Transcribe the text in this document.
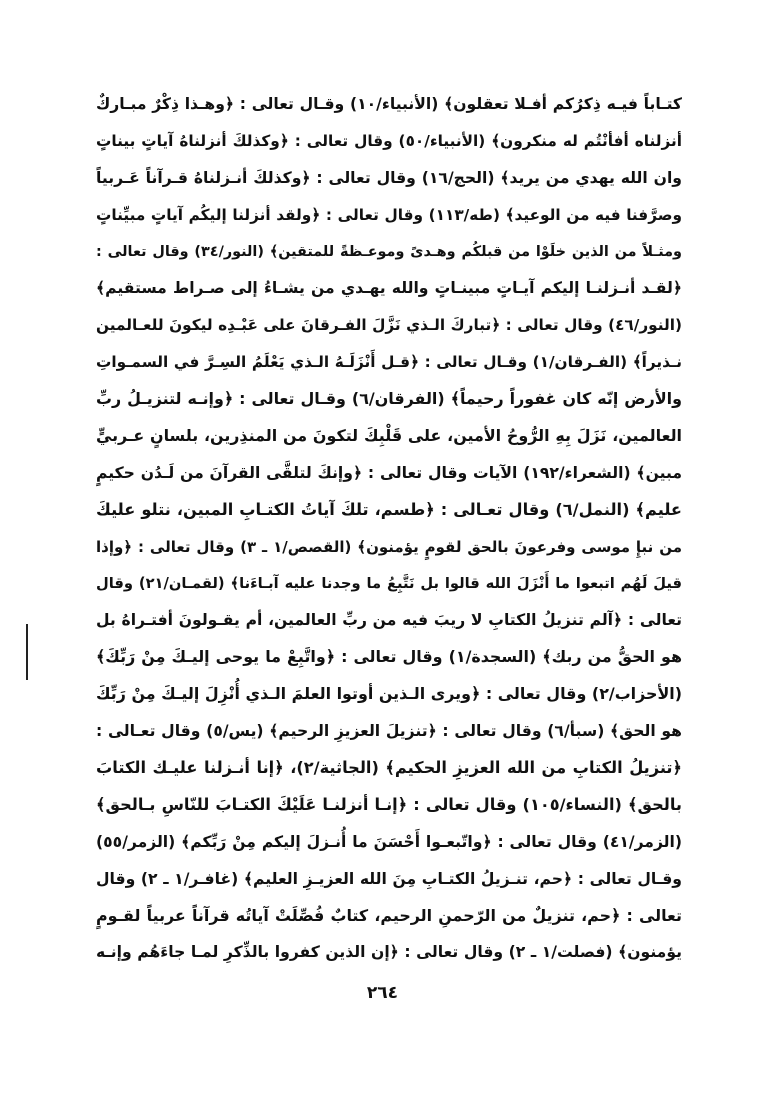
كتـاباً فيـه ذِكرُكم أفـلا تعقلون﴾ (الأنبياء/١٠) وقـال تعالى : ﴿وهـذا ذِكْرٌ مبـاركٌ
أنزلناه أفأنْتُم له منكرون﴾ (الأنبياء/٥٠) وقال تعالى : ﴿وكذلكَ أنزلناهُ آياتٍ بيناتٍ
وان الله يهدي من يريد﴾ (الحج/١٦) وقال تعالى : ﴿وكذلكَ أنـزلناهُ قـرآناً عَـربياً
وصرَّفنا فيه من الوعيد﴾ (طه/١١٣) وقال تعالى : ﴿ولقد أنزلنا إليكُم آياتٍ مبيِّناتٍ
ومثـلاً من الذين خلَوْا من قبلكُم وهـدىً وموعـظةً للمتقين﴾ (النور/٣٤) وقال تعالى :
﴿لقـد أنـزلنـا إليكم آيـاتٍ مبينـاتٍ والله يهـدي من يشـاءُ إلى صـراط مستقيم﴾
(النور/٤٦) وقال تعالى : ﴿تباركَ الـذي نَزَّلَ الفـرقانَ على عَبْـدِه ليكونَ للعـالمين
نـذيراً﴾ (الفـرقان/١) وقـال تعالى : ﴿قـل أَنْزَلَـهُ الـذي يَعْلَمُ السِـرَّ في السمـواتِ
والأرض إنّه كان غفوراً رحيماً﴾ (الفرقان/٦) وقـال تعالى : ﴿وإنـه لتنزيـلُ ربِّ
العالمين، نَزَلَ بِهِ الرُّوحُ الأمين، على قَلْبِكَ لتكونَ من المنذِرين، بلسانٍ عـربيٍّ
مبين﴾ (الشعراء/١٩٢) الآيات وقال تعالى : ﴿وإنكَ لتلقَّى القرآنَ من لَـدُن حكيمٍ
عليم﴾ (النمل/٦) وقال تعـالى : ﴿طسم، تلكَ آياتُ الكتـابِ المبين، نتلو عليكَ
من نبإِ موسى وفرعونَ بالحق لقومٍ يؤمنون﴾ (القصص/١ ـ ٣) وقال تعالى : ﴿وإذا
قيلَ لَهُم اتبعوا ما أَنْزَلَ الله قالوا بل نَتَّبِعُ ما وجدنا عليه آبـاءَنا﴾ (لقمـان/٢١) وقال
تعالى : ﴿آلم تنزيلُ الكتابِ لا ريبَ فيه من ربِّ العالمين، أم يقـولونَ أفتـراهُ بل
هو الحقُّ من ربك﴾ (السجدة/١) وقال تعالى : ﴿واتَّبِعْ ما يوحى إليـكَ مِنْ رَبِّكَ﴾
(الأحزاب/٢) وقال تعالى : ﴿ويرى الـذين أوتوا العلمَ الـذي أُنْزِلَ إليـكَ مِنْ رَبِّكَ
هو الحق﴾ (سبأ/٦) وقال تعالى : ﴿تنزيلَ العزيزِ الرحيم﴾ (يس/٥) وقال تعـالى :
﴿تنزيلُ الكتابِ من الله العزيزِ الحكيم﴾ (الجاثية/٢)، ﴿إنا أنـزلنا عليـك الكتابَ
بالحق﴾ (النساء/١٠٥) وقال تعالى : ﴿إنـا أنزلنـا عَلَيْكَ الكتـابَ للنّاسِ بـالحق﴾
(الزمر/٤١) وقال تعالى : ﴿واتّبعـوا أَحْسَنَ ما أُنـزلَ إليكم مِنْ رَبِّكم﴾ (الزمر/٥٥)
وقـال تعالى : ﴿حم، تنـزيلُ الكتـابِ مِنَ الله العزيـزِ العليم﴾ (غافـر/١ ـ ٢) وقال
تعالى : ﴿حم، تنزيلٌ من الرّحمنِ الرحيم، كتابٌ فُصِّلَتْ آياتُه قرآناً عربياً لقـومٍ
يؤمنون﴾ (فصلت/١ ـ ٢) وقال تعالى : ﴿إن الذين كفروا بالذِّكرِ لمـا جاءَهُم وإنـه
٢٦٤
